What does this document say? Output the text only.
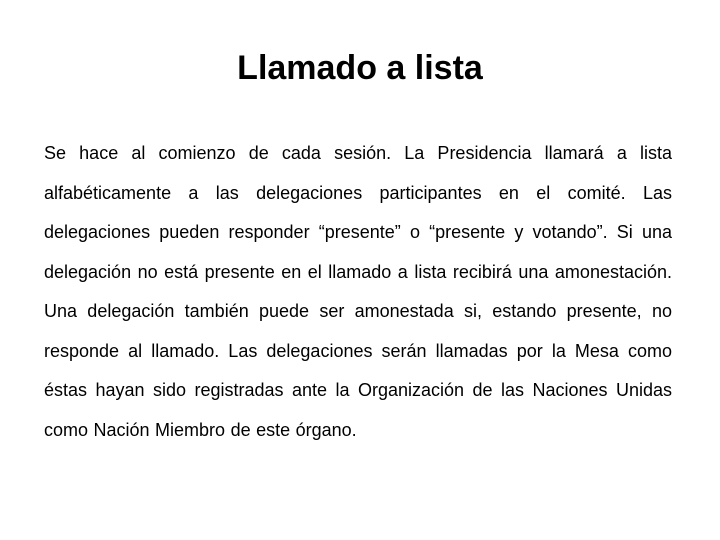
Llamado a lista

Se hace al comienzo de cada sesión. La Presidencia llamará a lista alfabéticamente a las delegaciones participantes en el comité. Las delegaciones pueden responder “presente” o “presente y votando”. Si una delegación no está presente en el llamado a lista recibirá una amonestación. Una delegación también puede ser amonestada si, estando presente, no responde al llamado. Las delegaciones serán llamadas por la Mesa como éstas hayan sido registradas ante la Organización de las Naciones Unidas como Nación Miembro de este órgano.
